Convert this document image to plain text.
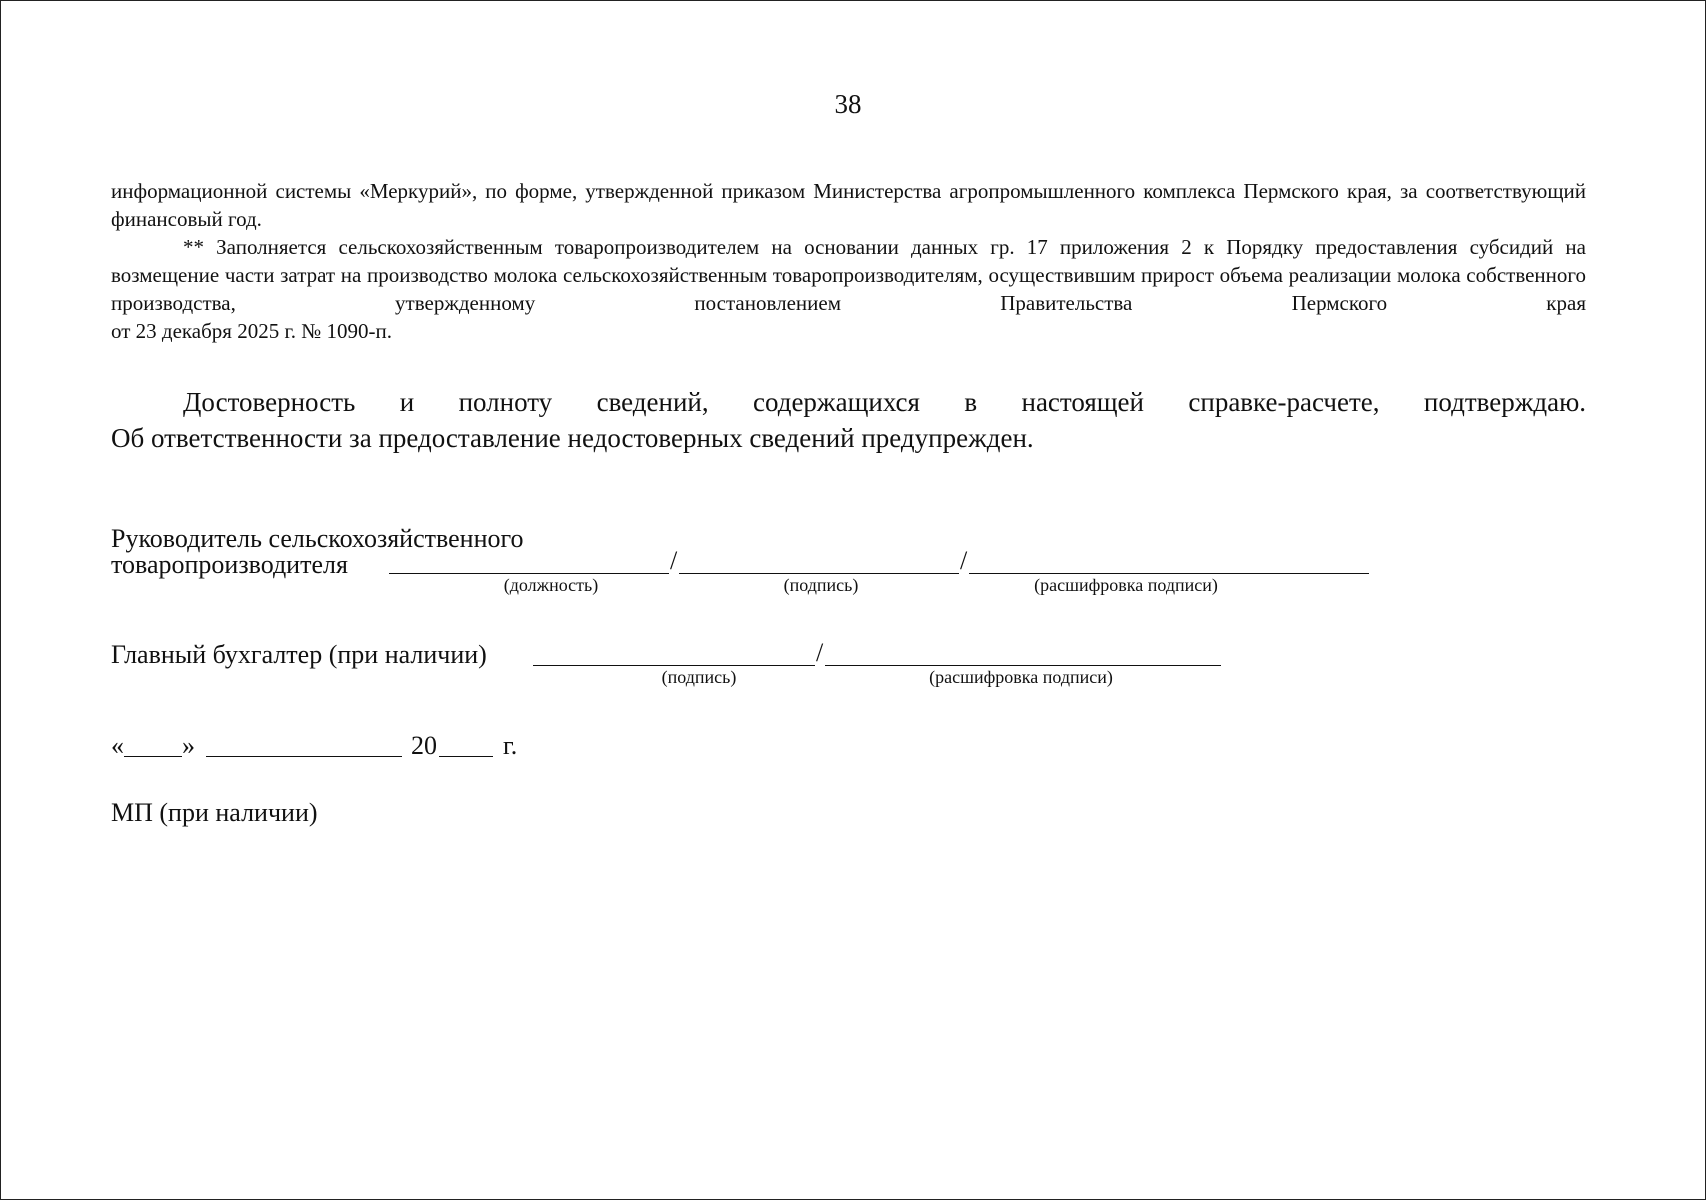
38

информационной системы «Меркурий», по форме, утвержденной приказом Министерства агропромышленного комплекса Пермского края, за соответствующий финансовый год.

** Заполняется сельскохозяйственным товаропроизводителем на основании данных гр. 17 приложения 2 к Порядку предоставления субсидий на возмещение части затрат на производство молока сельскохозяйственным товаропроизводителям, осуществившим прирост объема реализации молока собственного производства, утвержденному постановлением Правительства Пермского края

от 23 декабря 2025 г. № 1090-п.

Достоверность и полноту сведений, содержащихся в настоящей справке-расчете, подтверждаю.

Об ответственности за предоставление недостоверных сведений предупрежден.

Руководитель сельскохозяйственного
товаропроизводителя	/	/
(должность)	(подпись)	(расшифровка подписи)
Главный бухгалтер (при наличии)	/
(подпись)	(расшифровка подписи)
« »	20	г.
МП (при наличии)
